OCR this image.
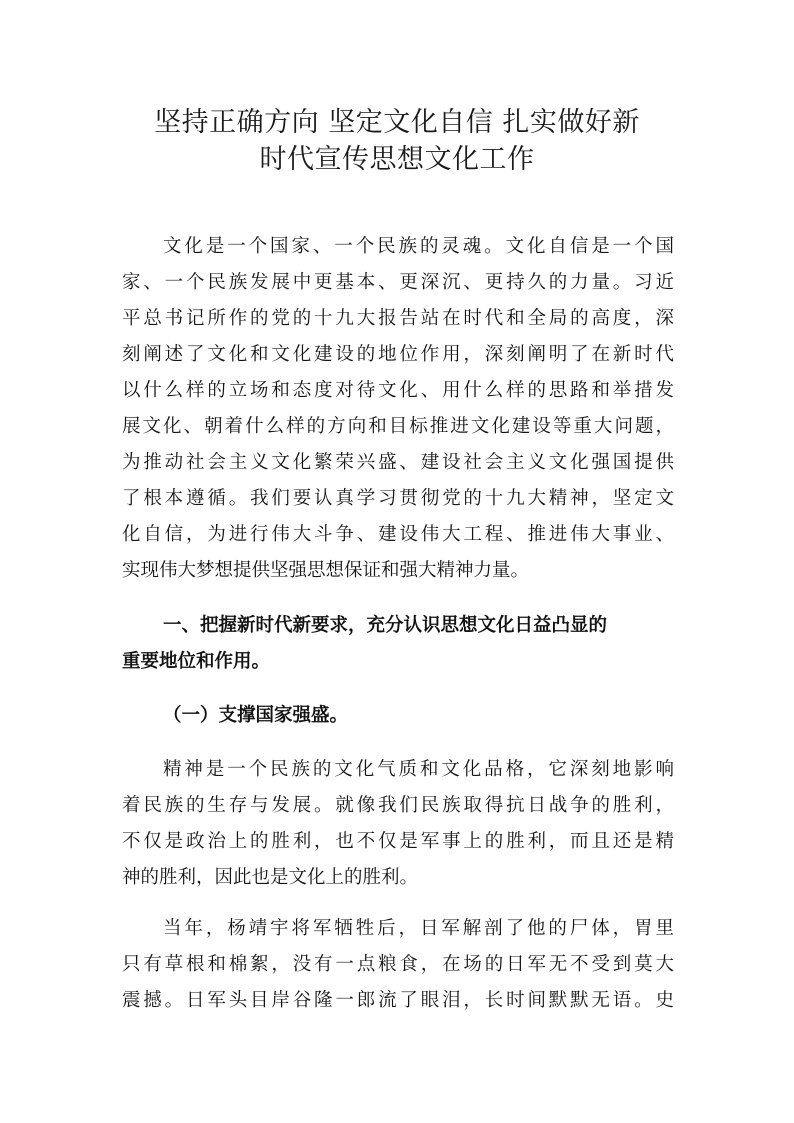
坚持正确方向 坚定文化自信 扎实做好新
时代宣传思想文化工作
文化是一个国家、一个民族的灵魂。文化自信是一个国
家、一个民族发展中更基本、更深沉、更持久的力量。习近
平总书记所作的党的十九大报告站在时代和全局的高度，深
刻阐述了文化和文化建设的地位作用，深刻阐明了在新时代
以什么样的立场和态度对待文化、用什么样的思路和举措发
展文化、朝着什么样的方向和目标推进文化建设等重大问题，
为推动社会主义文化繁荣兴盛、建设社会主义文化强国提供
了根本遵循。我们要认真学习贯彻党的十九大精神，坚定文
化自信，为进行伟大斗争、建设伟大工程、推进伟大事业、
实现伟大梦想提供坚强思想保证和强大精神力量。
一、把握新时代新要求，充分认识思想文化日益凸显的
重要地位和作用。
（一）支撑国家强盛。
精神是一个民族的文化气质和文化品格，它深刻地影响
着民族的生存与发展。就像我们民族取得抗日战争的胜利，
不仅是政治上的胜利，也不仅是军事上的胜利，而且还是精
神的胜利，因此也是文化上的胜利。
当年，杨靖宇将军牺牲后，日军解剖了他的尸体，胃里
只有草根和棉絮，没有一点粮食，在场的日军无不受到莫大
震撼。日军头目岸谷隆一郎流了眼泪，长时间默默无语。史
